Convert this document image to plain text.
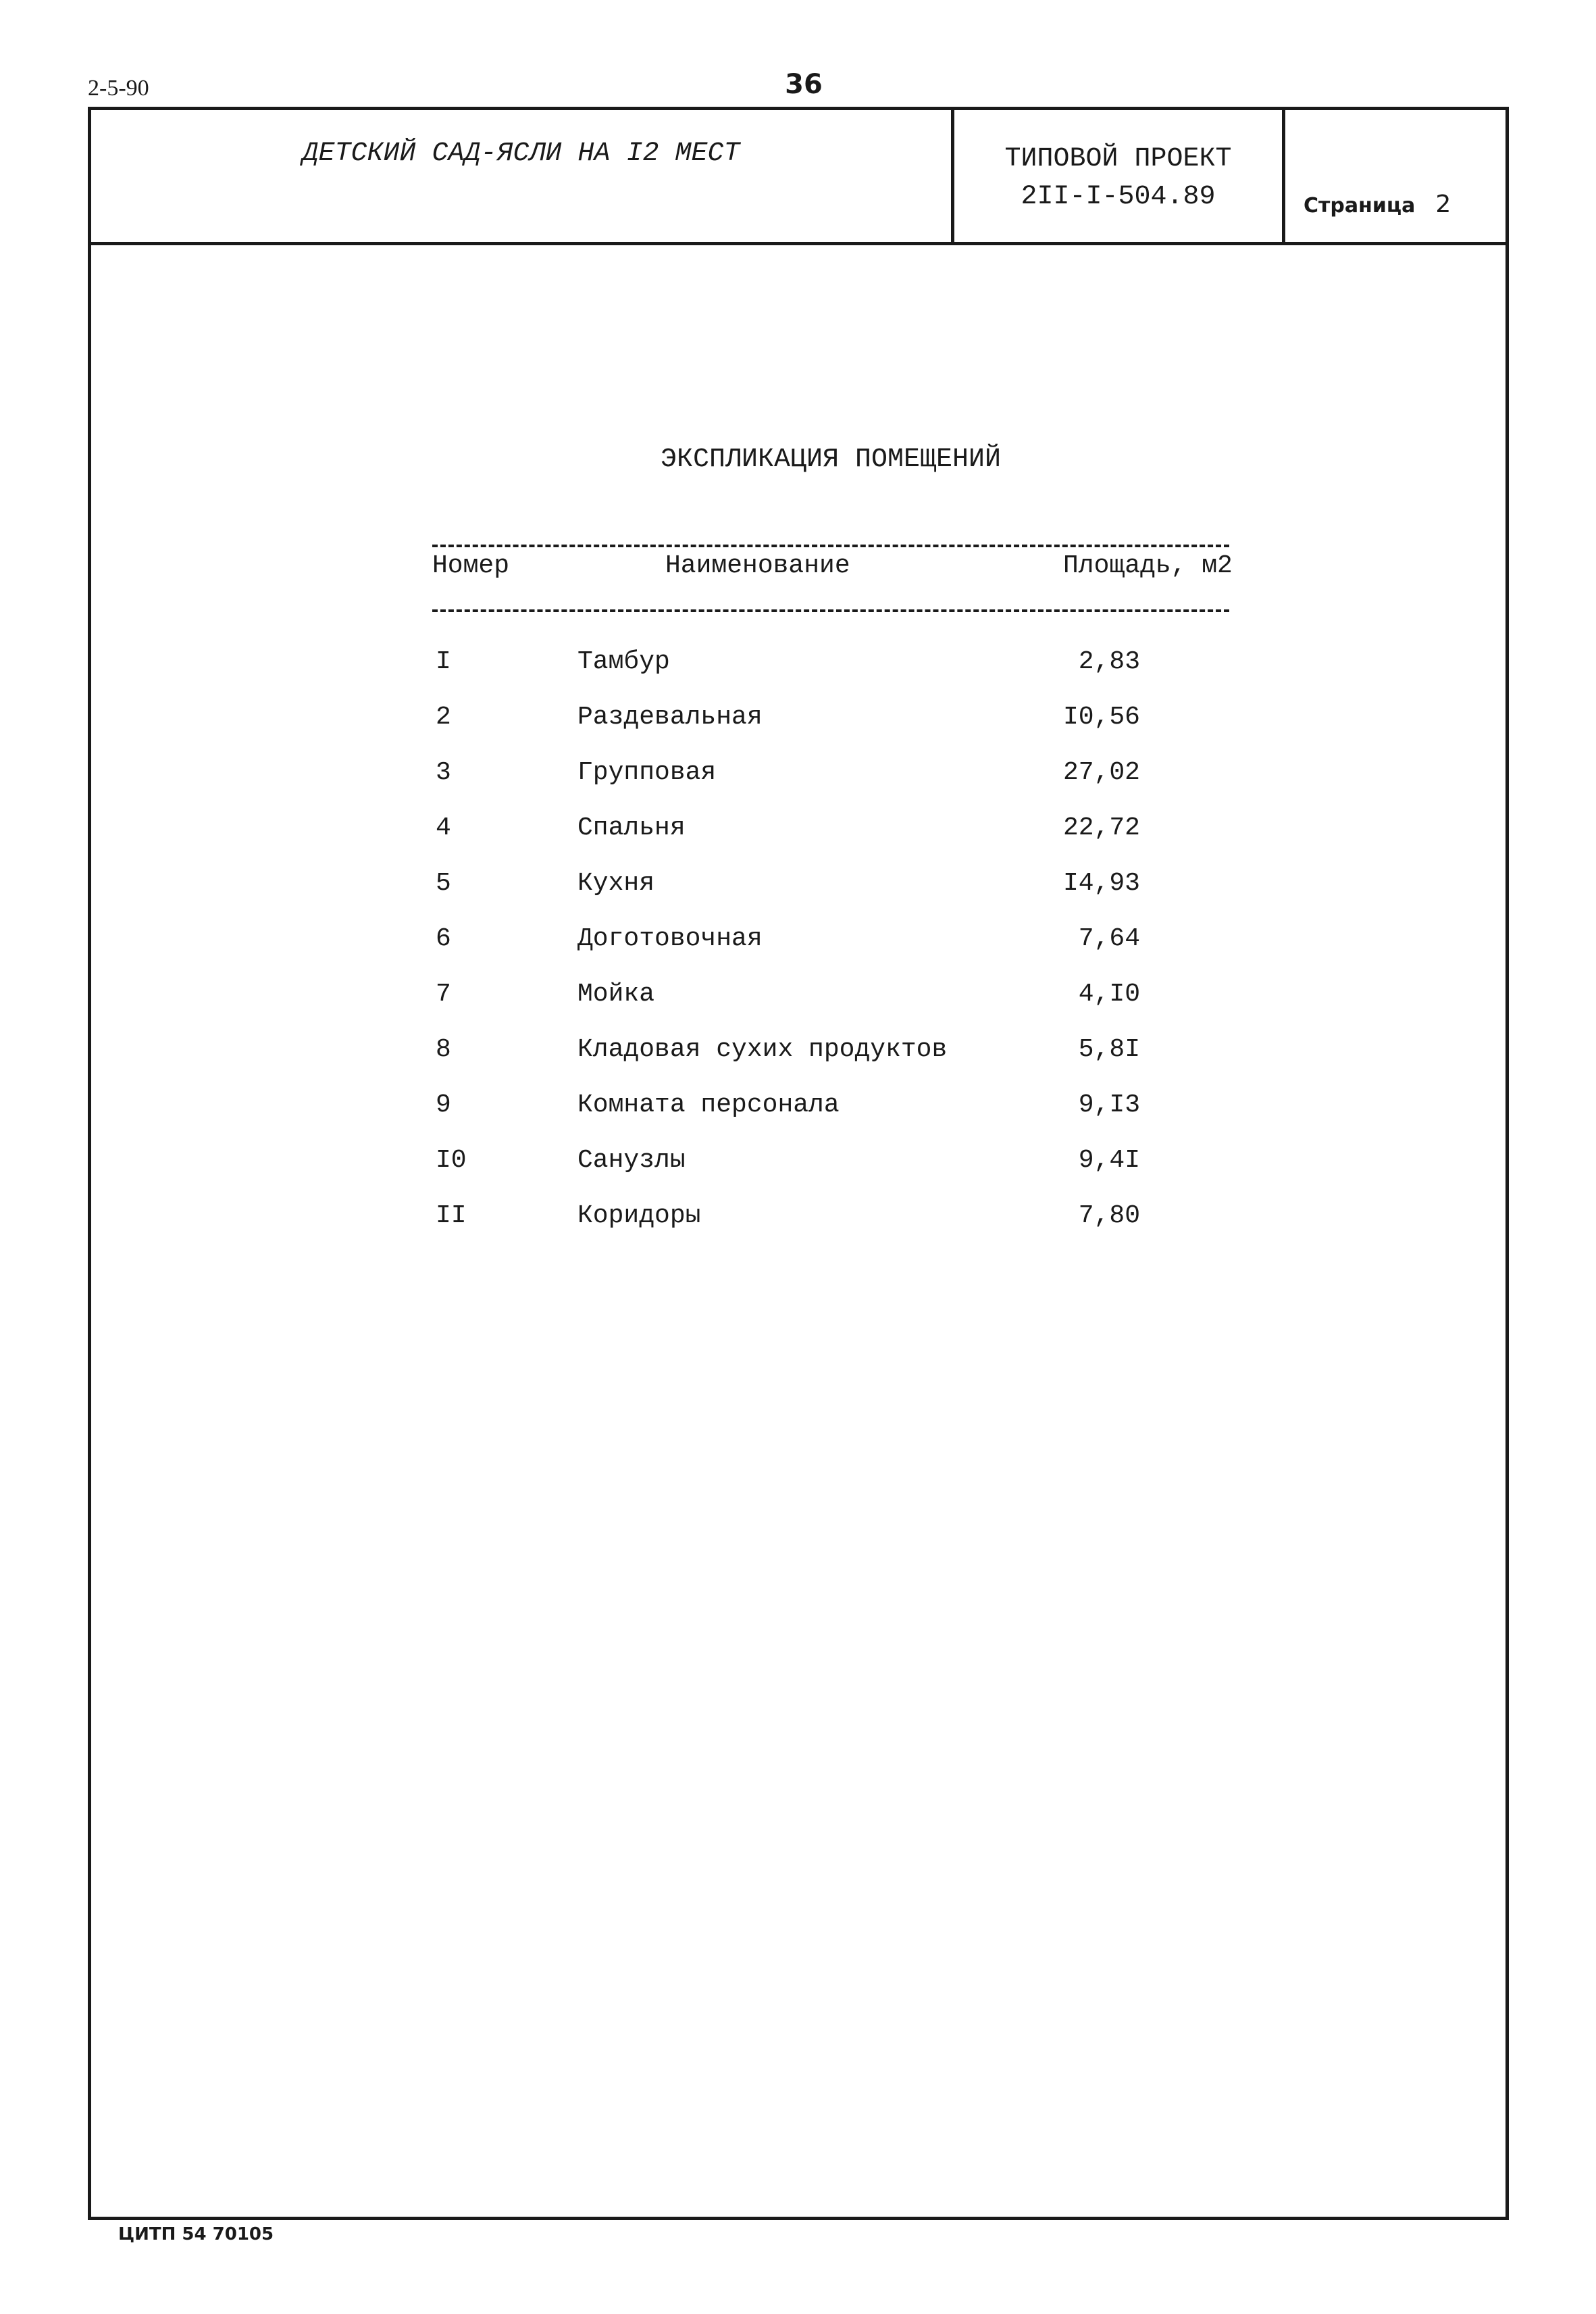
2-5-90	36
ДЕТСКИЙ САД-ЯСЛИ НА I2 МЕСТ	ТИПОВОЙ ПРОЕКТ
2II-I-504.89	Страница 2
ЭКСПЛИКАЦИЯ ПОМЕЩЕНИЙ
Номер	Наименование	Площадь, м2
I	Тамбур	2,83
2	Раздевальная	I0,56
3	Групповая	27,02
4	Спальня	22,72
5	Кухня	I4,93
6	Доготовочная	7,64
7	Мойка	4,I0
8	Кладовая сухих продуктов	5,8I
9	Комната персонала	9,I3
I0	Санузлы	9,4I
II	Коридоры	7,80
ЦИТП 54 70105
